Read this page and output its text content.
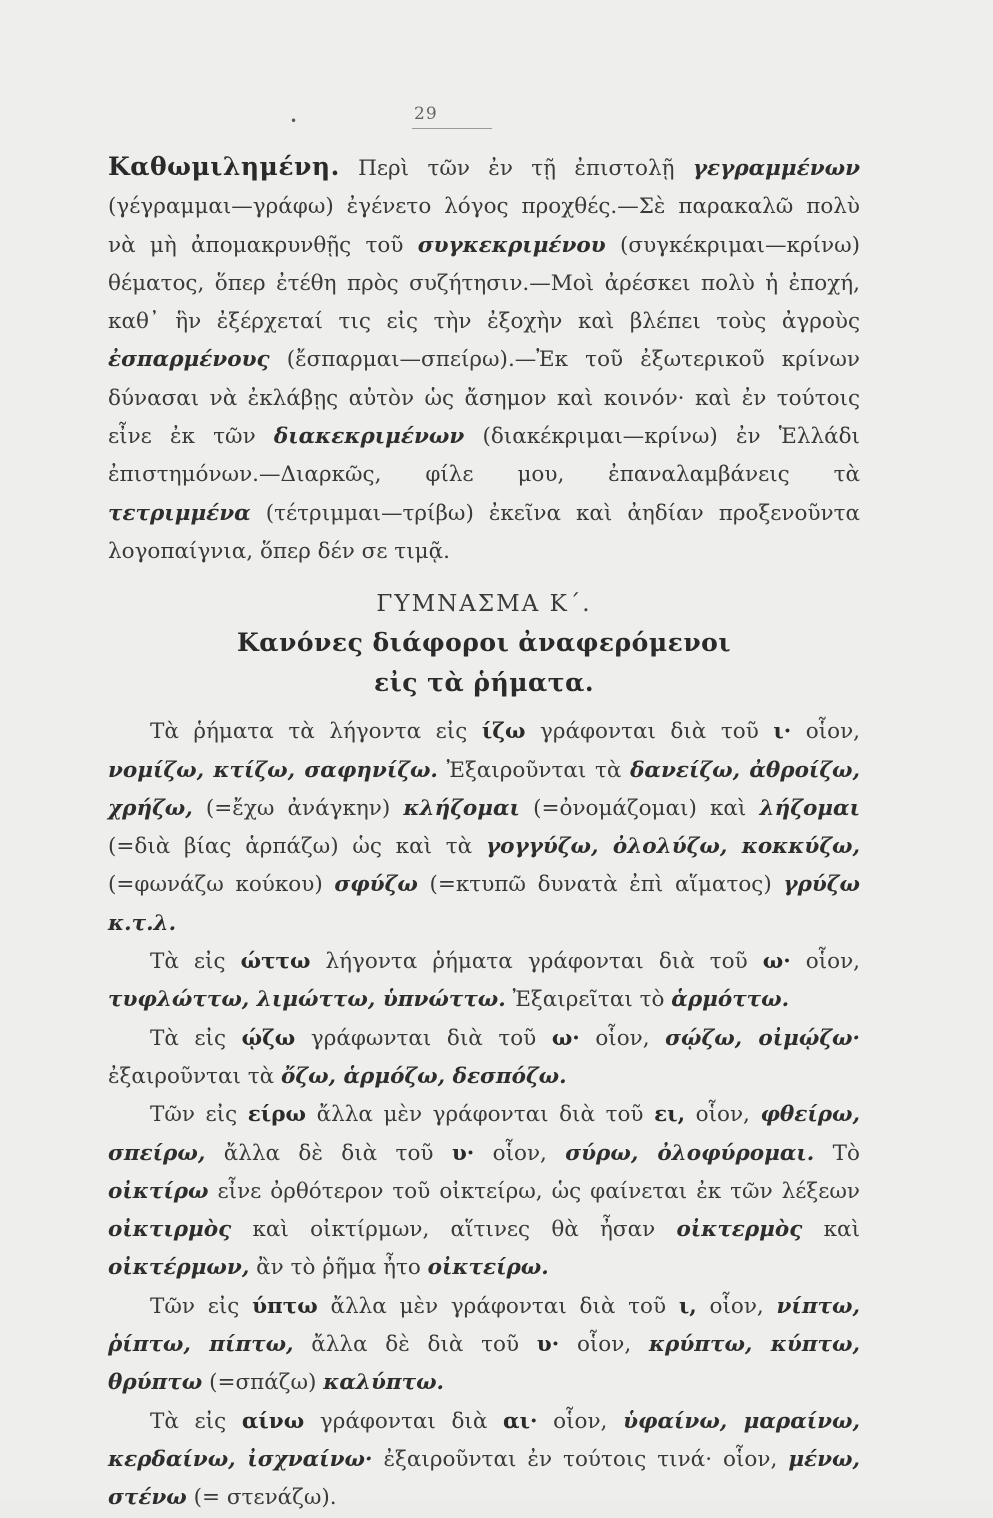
•	29

Καθωμιλημένη. Περὶ τῶν ἐν τῇ ἐπιστολῇ γεγραμμένων (γέγραμμαι—γράφω) ἐγένετο λόγος προχθές.—Σὲ παρακαλῶ πολὺ νὰ μὴ ἀπομακρυνθῇς τοῦ συγκεκριμένου (συγκέκριμαι—κρίνω) θέματος, ὅπερ ἐτέθη πρὸς συζήτησιν.—Μοὶ ἀρέσκει πολὺ ἡ ἐποχή, καθ᾽ ἣν ἐξέρχεταί τις εἰς τὴν ἐξοχὴν καὶ βλέπει τοὺς ἀγροὺς ἐσπαρμένους (ἔσπαρμαι—σπείρω).—Ἐκ τοῦ ἐξωτερικοῦ κρίνων δύνασαι νὰ ἐκλάβῃς αὐτὸν ὡς ἄσημον καὶ κοινόν· καὶ ἐν τούτοις εἶνε ἐκ τῶν διακεκριμένων (διακέκριμαι—κρίνω) ἐν Ἑλλάδι ἐπιστημόνων.—Διαρκῶς, φίλε μου, ἐπαναλαμβάνεις τὰ τετριμμένα (τέτριμμαι—τρίβω) ἐκεῖνα καὶ ἀηδίαν προξενοῦντα λογοπαίγνια, ὅπερ δέν σε τιμᾷ.

ΓΥΜΝΑΣΜΑ Κ΄.
Κανόνες διάφοροι ἀναφερόμενοι
εἰς τὰ ῥήματα.

Τὰ ῥήματα τὰ λήγοντα εἰς ίζω γράφονται διὰ τοῦ ι· οἷον, νομίζω, κτίζω, σαφηνίζω. Ἐξαιροῦνται τὰ δανείζω, ἀθροίζω, χρήζω, (=ἔχω ἀνάγκην) κλήζομαι (=ὀνομάζομαι) καὶ λήζομαι (=διὰ βίας ἁρπάζω) ὡς καὶ τὰ γογγύζω, ὀλολύζω, κοκκύζω, (=φωνάζω κούκου) σφύζω (=κτυπῶ δυνατὰ ἐπὶ αἵματος) γρύζω κ.τ.λ.

Τὰ εἰς ώττω λήγοντα ῥήματα γράφονται διὰ τοῦ ω· οἷον, τυφλώττω, λιμώττω, ὑπνώττω. Ἐξαιρεῖται τὸ ἁρμόττω.

Τὰ εἰς ῴζω γράφωνται διὰ τοῦ ω· οἷον, σῴζω, οἰμῴζω· ἐξαιροῦνται τὰ ὄζω, ἁρμόζω, δεσπόζω.

Τῶν εἰς είρω ἄλλα μὲν γράφονται διὰ τοῦ ει, οἷον, φθείρω, σπείρω, ἄλλα δὲ διὰ τοῦ υ· οἷον, σύρω, ὀλοφύρομαι. Τὸ οἰκτίρω εἶνε ὀρθότερον τοῦ οἰκτείρω, ὡς φαίνεται ἐκ τῶν λέξεων οἰκτιρμὸς καὶ οἰκτίρμων, αἵτινες θὰ ἦσαν οἰκτερμὸς καὶ οἰκτέρμων, ἂν τὸ ῥῆμα ἦτο οἰκτείρω.

Τῶν εἰς ύπτω ἄλλα μὲν γράφονται διὰ τοῦ ι, οἷον, νίπτω, ῥίπτω, πίπτω, ἄλλα δὲ διὰ τοῦ υ· οἷον, κρύπτω, κύπτω, θρύπτω (=σπάζω) καλύπτω.

Τὰ εἰς αίνω γράφονται διὰ αι· οἷον, ὑφαίνω, μαραίνω, κερδαίνω, ἰσχναίνω· ἐξαιροῦνται ἐν τούτοις τινά· οἷον, μένω, στένω (= στενάζω).
